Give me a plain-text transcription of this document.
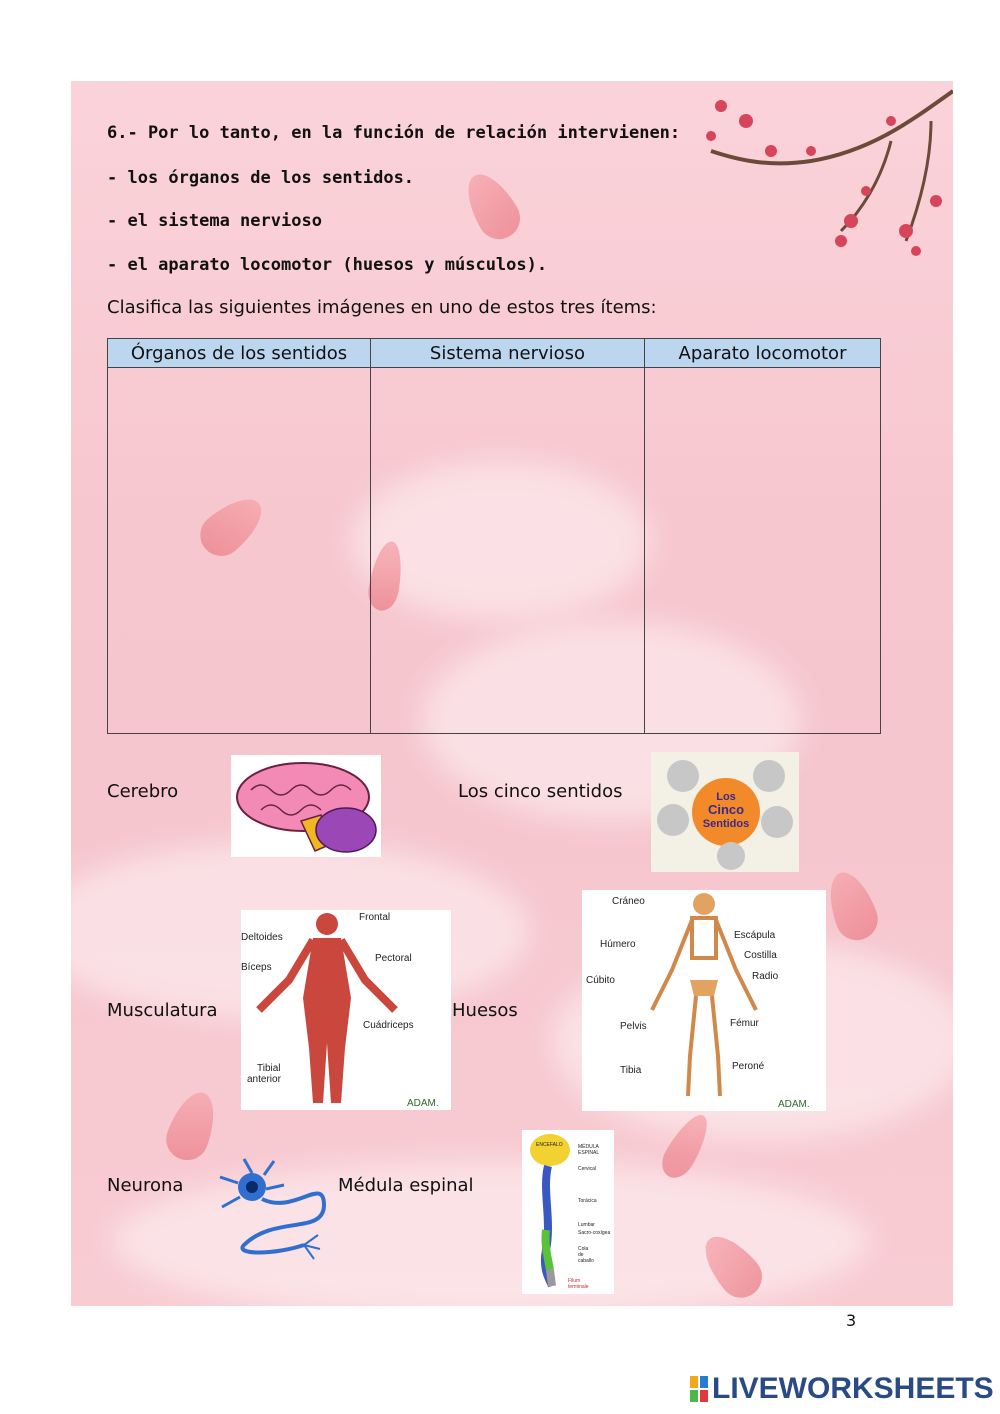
6.- Por lo tanto, en la función de relación intervienen:
- los órganos de los sentidos.
- el sistema nervioso
- el aparato locomotor (huesos y músculos).
Clasifica las siguientes imágenes en uno de estos tres ítems:
Órganos de los sentidos	Sistema nervioso	Aparato locomotor

Cerebro	Los cinco sentidos	Los
Cinco
Sentidos
Musculatura
Frontal
Deltoides
Pectoral
Bíceps
Cuádriceps
Tibial
anterior
ADAM.
Huesos
Cráneo
Escápula
Húmero
Costilla
Cúbito	Radio
Pelvis	Fémur
Tibia	Peroné
ADAM.
Neurona	Médula espinal
ENCEFALO	MÉDULA
ESPINAL
Cervical
Torácica
Lumbar
Sacro-coxígea
Cola
de
caballo
Filum
terminale
3
LIVEWORKSHEETS
